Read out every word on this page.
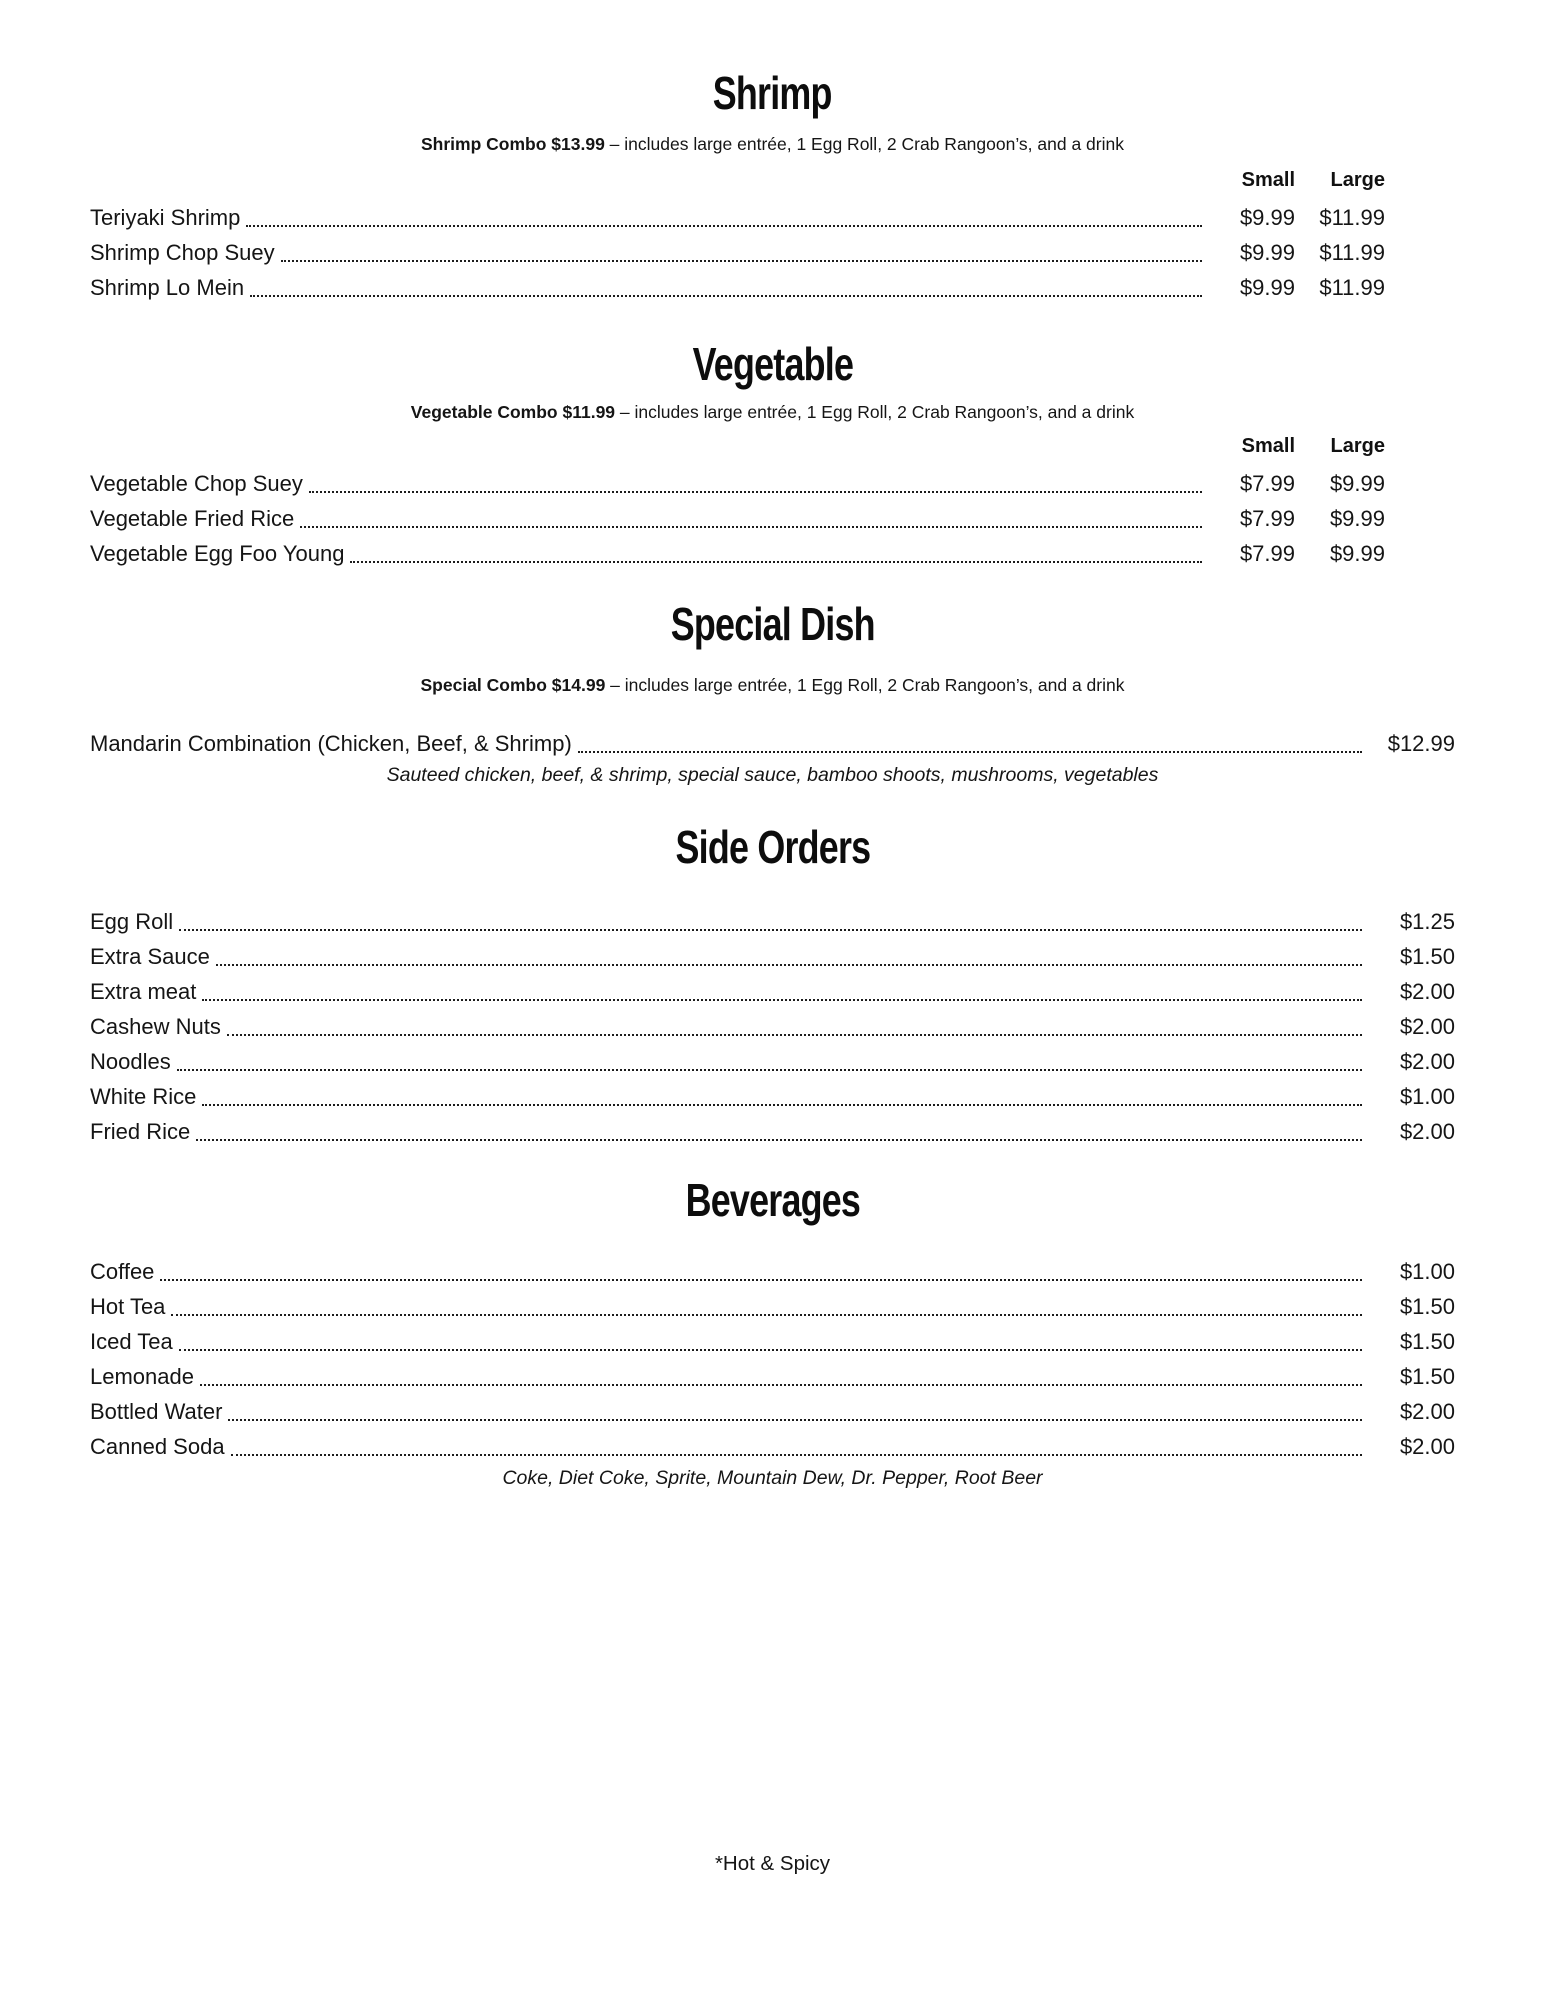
Shrimp

Shrimp Combo $13.99 – includes large entrée, 1 Egg Roll, 2 Crab Rangoon’s, and a drink

Small	Large
Teriyaki Shrimp	$9.99	$11.99
Shrimp Chop Suey	$9.99	$11.99
Shrimp Lo Mein	$9.99	$11.99
Vegetable

Vegetable Combo $11.99 – includes large entrée, 1 Egg Roll, 2 Crab Rangoon’s, and a drink

Small	Large
Vegetable Chop Suey	$7.99	$9.99
Vegetable Fried Rice	$7.99	$9.99
Vegetable Egg Foo Young	$7.99	$9.99
Special Dish

Special Combo $14.99 – includes large entrée, 1 Egg Roll, 2 Crab Rangoon’s, and a drink

Mandarin Combination (Chicken, Beef, & Shrimp)	$12.99

Sauteed chicken, beef, & shrimp, special sauce, bamboo shoots, mushrooms, vegetables

Side Orders
Egg Roll	$1.25
Extra Sauce	$1.50
Extra meat	$2.00
Cashew Nuts	$2.00
Noodles	$2.00
White Rice	$1.00
Fried Rice	$2.00
Beverages
Coffee	$1.00
Hot Tea	$1.50
Iced Tea	$1.50
Lemonade	$1.50
Bottled Water	$2.00
Canned Soda	$2.00

Coke, Diet Coke, Sprite, Mountain Dew, Dr. Pepper, Root Beer

*Hot & Spicy
